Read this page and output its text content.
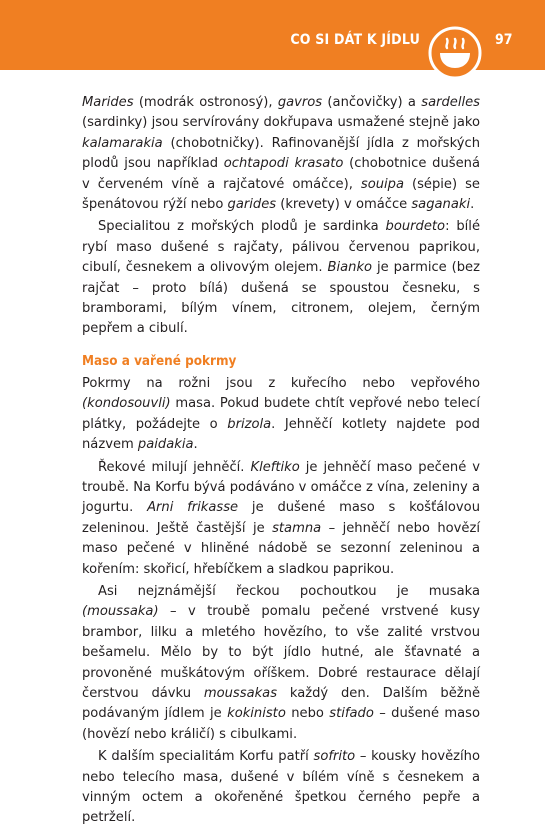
CO SI DÁT K JÍDLU	97

Marides (modrák ostronosý), gavros (ančovičky) a sardelles (sardinky) jsou servírovány dokřupava usmažené stejně jako kalamarakia (chobotničky). Rafinovanější jídla z mořských plodů jsou například ochtapodi krasato (chobotnice dušená v červeném víně a rajčatové omáčce), souipa (sépie) se špenátovou rýží nebo garides (krevety) v omáčce saganaki.

Specialitou z mořských plodů je sardinka bourdeto: bílé rybí maso dušené s rajčaty, pálivou červenou paprikou, cibulí, česnekem a olivovým olejem. Bianko je parmice (bez rajčat – proto bílá) dušená se spoustou česneku, s bramborami, bílým vínem, citronem, olejem, černým pepřem a cibulí.

Maso a vařené pokrmy

Pokrmy na rožni jsou z kuřecího nebo vepřového (kondosouvli) masa. Pokud budete chtít vepřové nebo telecí plátky, požádejte o brizola. Jehněčí kotlety najdete pod názvem paidakia.

Řekové milují jehněčí. Kleftiko je jehněčí maso pečené v troubě. Na Korfu bývá podáváno v omáčce z vína, zeleniny a jogurtu. Arni frikasse je dušené maso s košťálovou zeleninou. Ještě častější je stamna – jehněčí nebo hovězí maso pečené v hliněné nádobě se sezonní zeleninou a kořením: skořicí, hřebíčkem a sladkou paprikou.

Asi nejznámější řeckou pochoutkou je musaka (moussaka) – v troubě pomalu pečené vrstvené kusy brambor, lilku a mletého hovězího, to vše zalité vrstvou bešamelu. Mělo by to být jídlo hutné, ale šťavnaté a provoněné muškátovým oříškem. Dobré restaurace dělají čerstvou dávku moussakas každý den. Dalším běžně podávaným jídlem je kokinisto nebo stifado – dušené maso (hovězí nebo králičí) s cibulkami.

K dalším specialitám Korfu patří sofrito – kousky hovězího nebo telecího masa, dušené v bílém víně s česnekem a vinným octem a okořeněné špetkou černého pepře a petrželí.
